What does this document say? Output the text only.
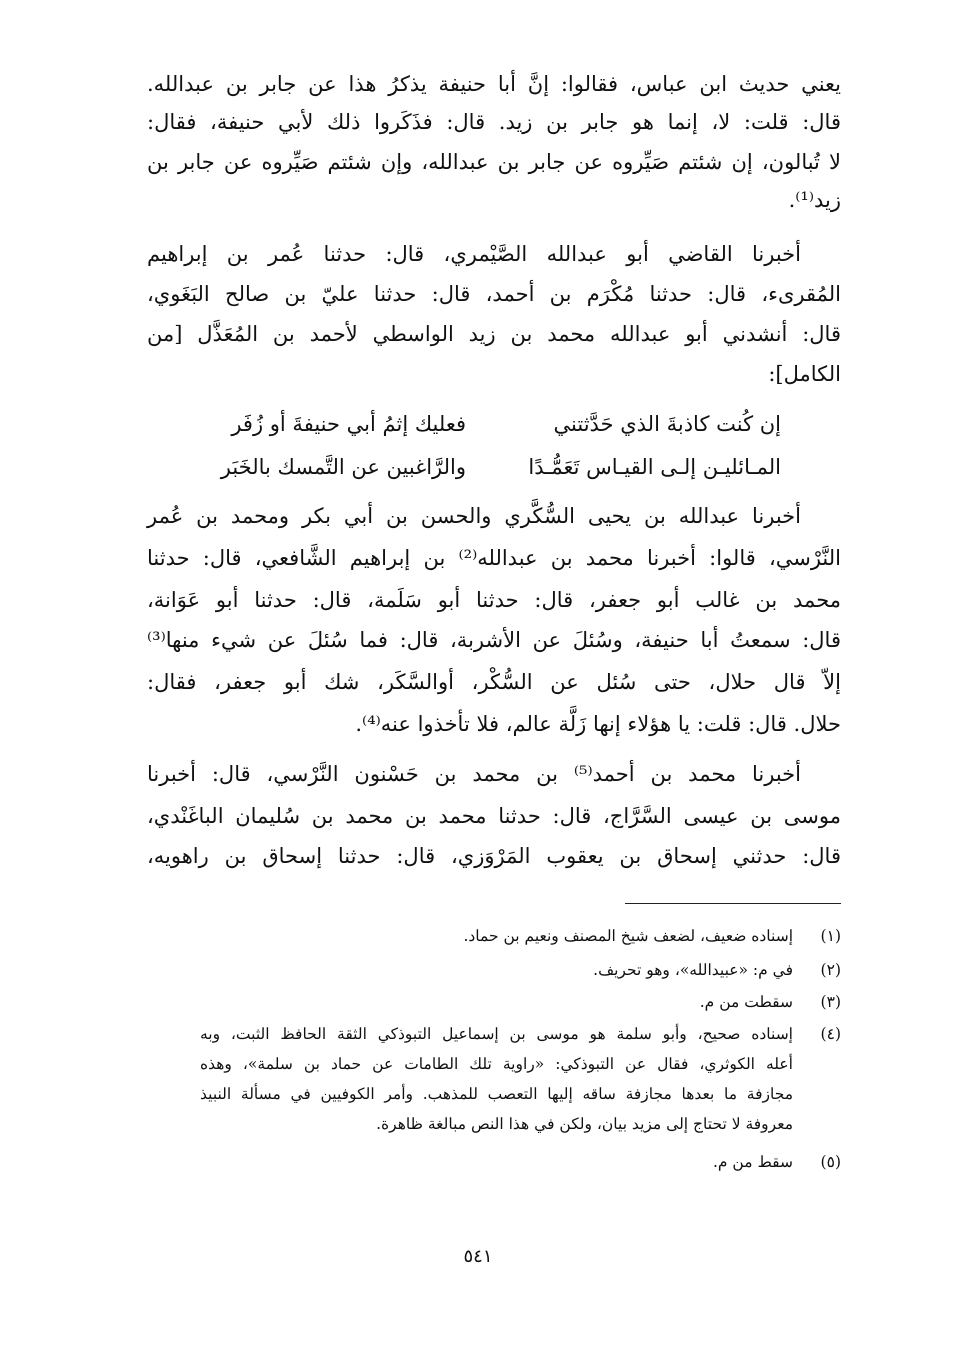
يعني حديث ابن عباس، فقالوا: إنَّ أبا حنيفة يذكرُ هذا عن جابر بن عبدالله.
قال: قلت: لا، إنما هو جابر بن زيد. قال: فذَكَروا ذلك لأبي حنيفة، فقال:
لا تُبالون، إن شئتم صَيِّروه عن جابر بن عبدالله، وإن شئتم صَيِّروه عن جابر بن
زيد⁽¹⁾.
أخبرنا القاضي أبو عبدالله الصَّيْمري، قال: حدثنا عُمر بن إبراهيم
المُقرىء، قال: حدثنا مُكْرَم بن أحمد، قال: حدثنا عليّ بن صالح البَغَوي،
قال: أنشدني أبو عبدالله محمد بن زيد الواسطي لأحمد بن المُعَذَّل [من
الكامل]:
إن كُنت كاذبةَ الذي حَدَّثتني
فعليك إثمُ أبي حنيفةَ أو زُفَر
المـائليـن إلـى القيـاس تَعَمُّـدًا
والرَّاغبين عن التَّمسك بالخَبَر
أخبرنا عبدالله بن يحيى السُّكَّري والحسن بن أبي بكر ومحمد بن عُمر
النَّرْسي، قالوا: أخبرنا محمد بن عبدالله⁽²⁾ بن إبراهيم الشَّافعي، قال: حدثنا
محمد بن غالب أبو جعفر، قال: حدثنا أبو سَلَمة، قال: حدثنا أبو عَوَانة،
قال: سمعتُ أبا حنيفة، وسُئلَ عن الأشربة، قال: فما سُئلَ عن شيء منها⁽³⁾
إلاّ قال حلال، حتى سُئل عن السُّكْر، أوالسَّكَر، شك أبو جعفر، فقال:
حلال. قال: قلت: يا هؤلاء إنها زَلَّة عالم، فلا تأخذوا عنه⁽⁴⁾.
أخبرنا محمد بن أحمد⁽⁵⁾ بن محمد بن حَسْنون النَّرْسي، قال: أخبرنا
موسى بن عيسى السَّرَّاج، قال: حدثنا محمد بن محمد بن سُليمان الباغَنْدي،
قال: حدثني إسحاق بن يعقوب المَرْوَزي، قال: حدثنا إسحاق بن راهويه،
(١)
إسناده ضعيف، لضعف شيخ المصنف ونعيم بن حماد.
(٢)
في م: «عبيدالله»، وهو تحريف.
(٣)
سقطت من م.
(٤)
إسناده صحيح، وأبو سلمة هو موسى بن إسماعيل التبوذكي الثقة الحافظ الثبت، وبه
أعله الكوثري، فقال عن التبوذكي: «راوية تلك الطامات عن حماد بن سلمة»، وهذه
مجازفة ما بعدها مجازفة ساقه إليها التعصب للمذهب. وأمر الكوفيين في مسألة النبيذ
معروفة لا تحتاج إلى مزيد بيان، ولكن في هذا النص مبالغة ظاهرة.
(٥)
سقط من م.
٥٤١
